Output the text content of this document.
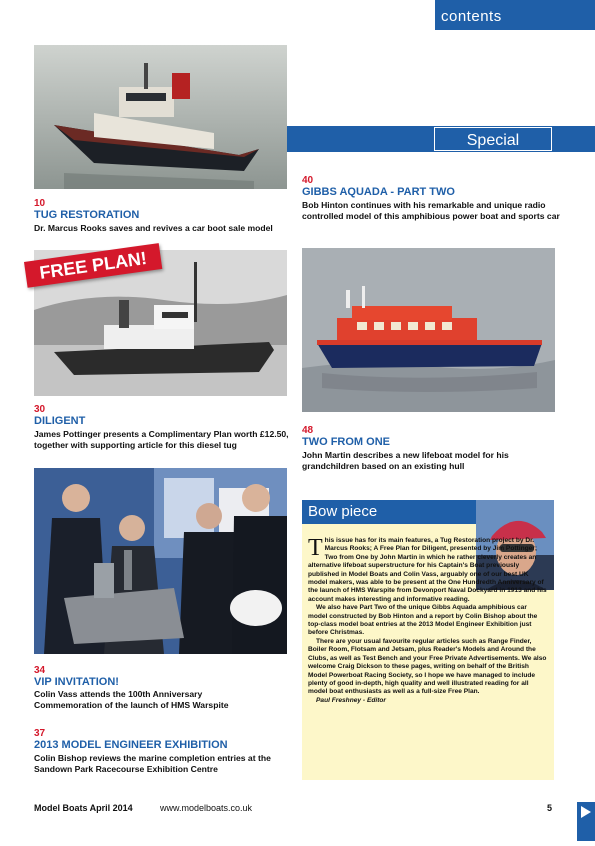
contents
Special Features
10
TUG RESTORATION
Dr. Marcus Rooks saves and revives a car boot sale model
FREE PLAN!
30
DILIGENT
James Pottinger presents a Complimentary Plan worth £12.50, together with supporting article for this diesel tug
34
VIP INVITATION!
Colin Vass attends the 100th Anniversary Commemoration of the launch of HMS Warspite
37
2013 MODEL ENGINEER EXHIBITION
Colin Bishop reviews the marine completion entries at the Sandown Park Racecourse Exhibition Centre
40
GIBBS AQUADA - PART TWO
Bob Hinton continues with his remarkable and unique radio controlled model of this amphibious power boat and sports car
48
TWO FROM ONE
John Martin describes a new lifeboat model for his grandchildren based on an existing hull
Bow piece
T his issue has for its main features, a Tug Restoration project by Dr. Marcus Rooks; A Free Plan for Diligent, presented by Jim Pottinger; Two from One by John Martin in which he rather cleverly creates an alternative lifeboat superstructure for his Captain's Boat previously published in Model Boats and Colin Vass, arguably one of our best UK model makers, was able to be present at the One Hundredth Anniversary of the launch of HMS Warspite from Devonport Naval Dockyard in 1913 and his account makes interesting and informative reading.
We also have Part Two of the unique Gibbs Aquada amphibious car model constructed by Bob Hinton and a report by Colin Bishop about the top-class model boat entries at the 2013 Model Engineer Exhibition just before Christmas.
There are your usual favourite regular articles such as Range Finder, Boiler Room, Flotsam and Jetsam, plus Reader's Models and Around the Clubs, as well as Test Bench and your Free Private Advertisements. We also welcome Craig Dickson to these pages, writing on behalf of the British Model Powerboat Racing Society, so I hope we have managed to include plenty of good in-depth, high quality and well illustrated reading for all model boat enthusiasts as well as a full-size Free Plan.
Paul Freshney - Editor
Model Boats April 2014	www.modelboats.co.uk	5
